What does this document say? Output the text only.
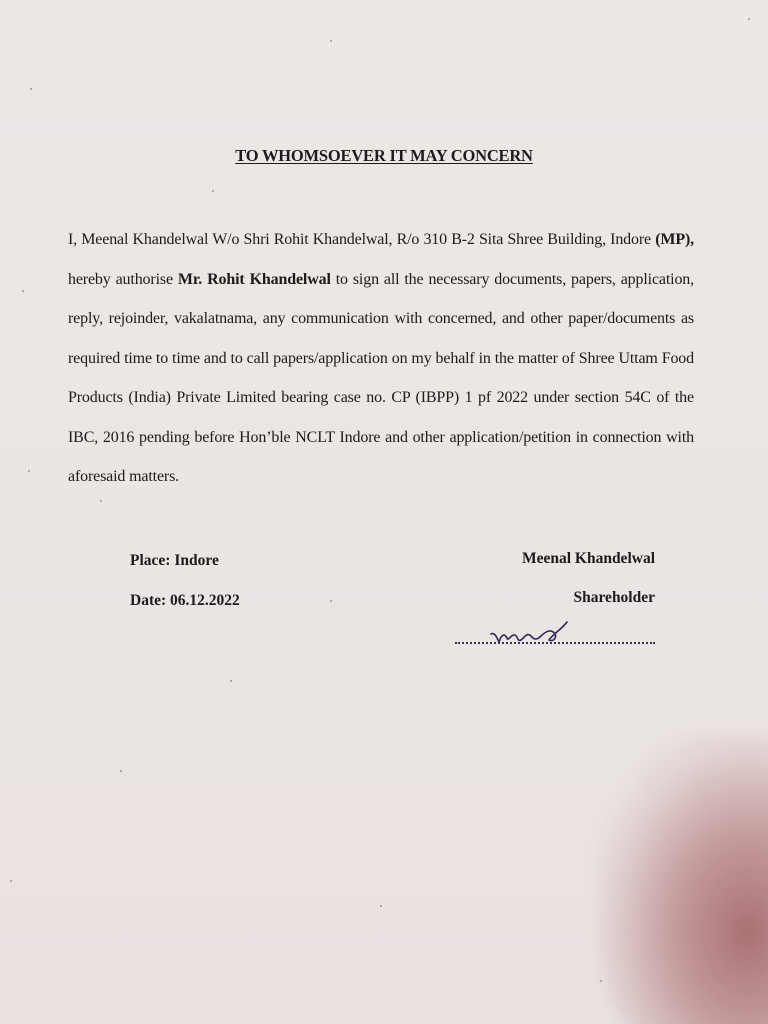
TO WHOMSOEVER IT MAY CONCERN
I, Meenal Khandelwal W/o Shri Rohit Khandelwal, R/o 310 B-2 Sita Shree Building, Indore (MP), hereby authorise Mr. Rohit Khandelwal to sign all the necessary documents, papers, application, reply, rejoinder, vakalatnama, any communication with concerned, and other paper/documents as required time to time and to call papers/application on my behalf in the matter of Shree Uttam Food Products (India) Private Limited bearing case no. CP (IBPP) 1 pf 2022 under section 54C of the IBC, 2016 pending before Hon’ble NCLT Indore and other application/petition in connection with aforesaid matters.
Place: Indore
Date: 06.12.2022
Meenal Khandelwal
Shareholder
